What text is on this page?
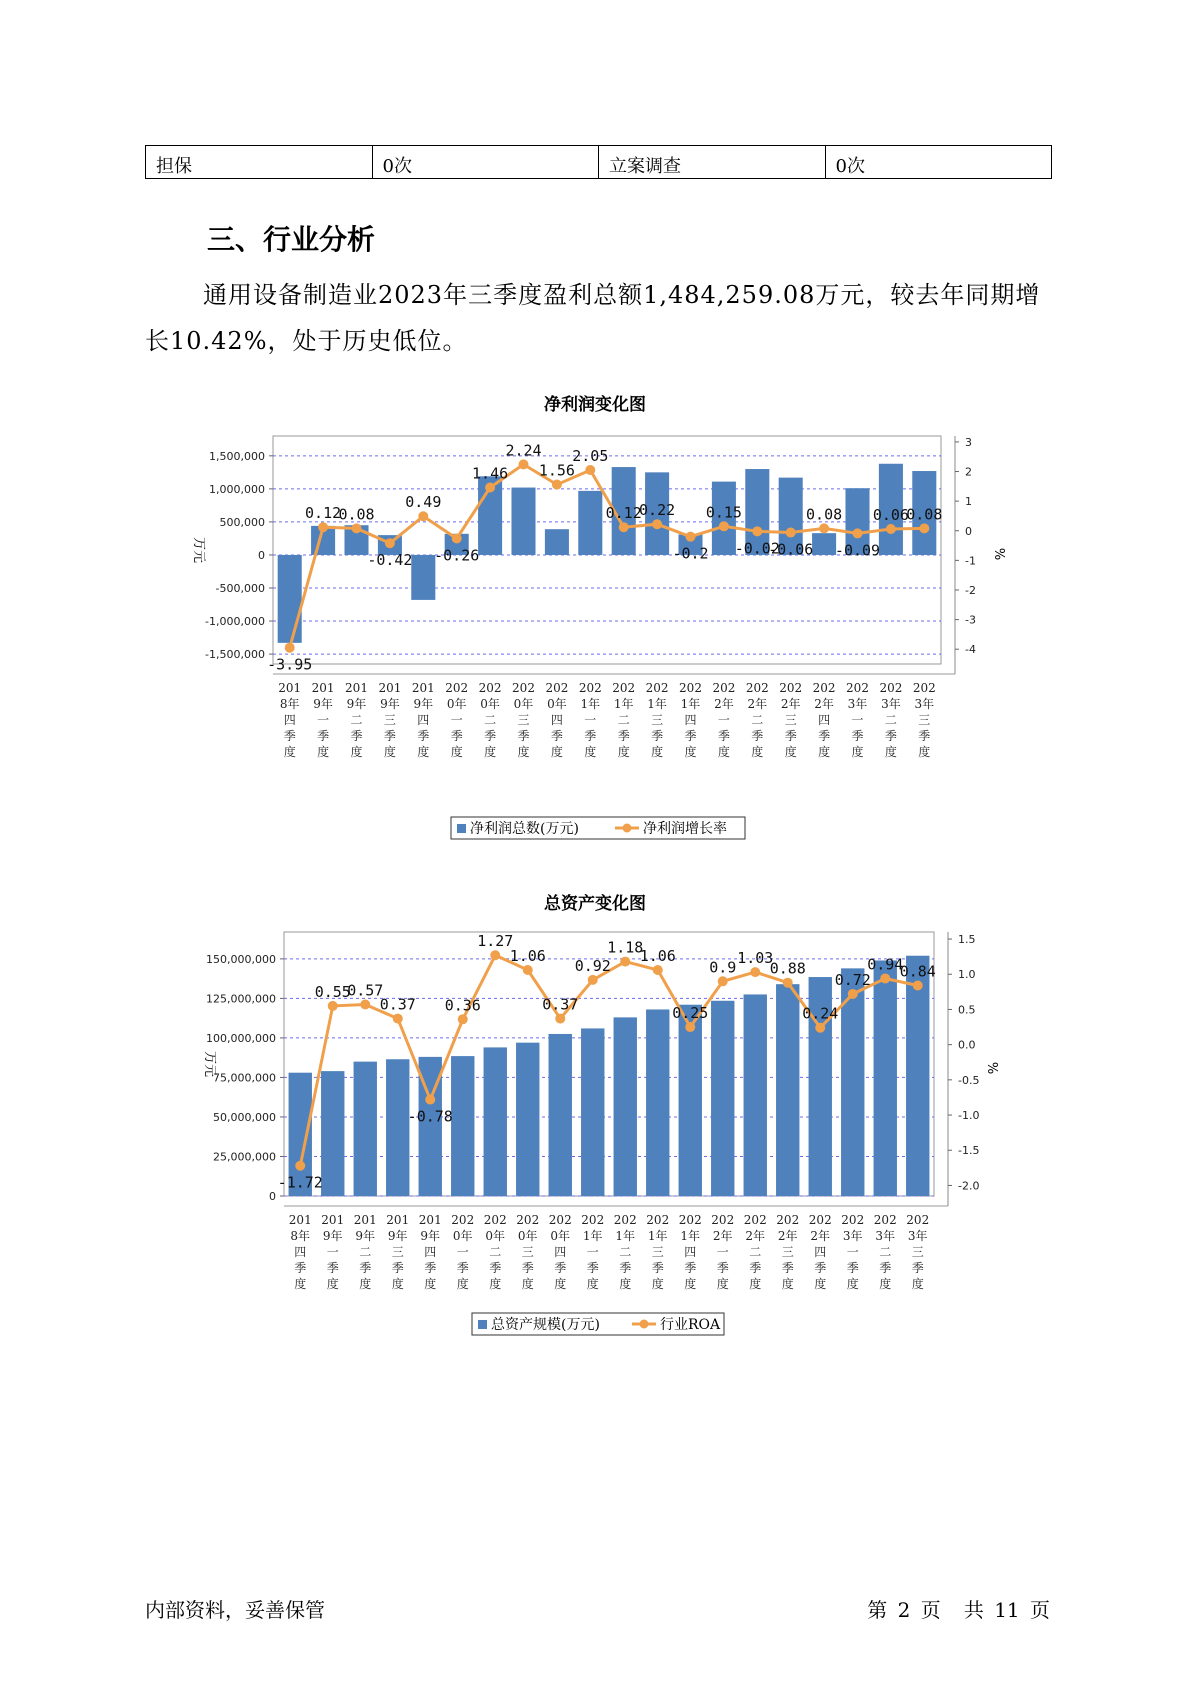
担保	0次	立案调查	0次
三、行业分析

通用设备制造业2023年三季度盈利总额1,484,259.08万元，较去年同期增长10.42%，处于历史低位。

净利润变化图
-1,500,000
-1,000,000
-500,000
0
500,000
1,000,000
1,500,000
-4
-3
-2
-1
0
1
2
3
万元	%
-3.95
0.12
0.08
-0.42
0.49
-0.26
1.46
2.24
1.56
2.05
0.12
0.22
-0.2
0.15
-0.02
-0.06
0.08
-0.09
0.06
0.08
201
8年
四
季
度
201
9年
一
季
度
201
9年
二
季
度
201
9年
三
季
度
201
9年
四
季
度
202
0年
一
季
度
202
0年
二
季
度
202
0年
三
季
度
202
0年
四
季
度
202
1年
一
季
度
202
1年
二
季
度
202
1年
三
季
度
202
1年
四
季
度
202
2年
一
季
度
202
2年
二
季
度
202
2年
三
季
度
202
2年
四
季
度
202
3年
一
季
度
202
3年
二
季
度
202
3年
三
季
度
净利润总数(万元)	净利润增长率
总资产变化图
0
25,000,000
50,000,000
75,000,000
100,000,000
125,000,000
150,000,000
-2.0
-1.5
-1.0
-0.5
0.0
0.5
1.0
1.5
万元	%
-1.72
0.55
0.57
0.37
-0.78
0.36
1.27
1.06
0.37
0.92
1.18
1.06
0.25
0.9
1.03
0.88
0.24
0.72
0.94
0.84
201
8年
四
季
度
201
9年
一
季
度
201
9年
二
季
度
201
9年
三
季
度
201
9年
四
季
度
202
0年
一
季
度
202
0年
二
季
度
202
0年
三
季
度
202
0年
四
季
度
202
1年
一
季
度
202
1年
二
季
度
202
1年
三
季
度
202
1年
四
季
度
202
2年
一
季
度
202
2年
二
季
度
202
2年
三
季
度
202
2年
四
季
度
202
3年
一
季
度
202
3年
二
季
度
202
3年
三
季
度
总资产规模(万元)	行业ROA
内部资料，妥善保管	第 2 页 共 11 页
